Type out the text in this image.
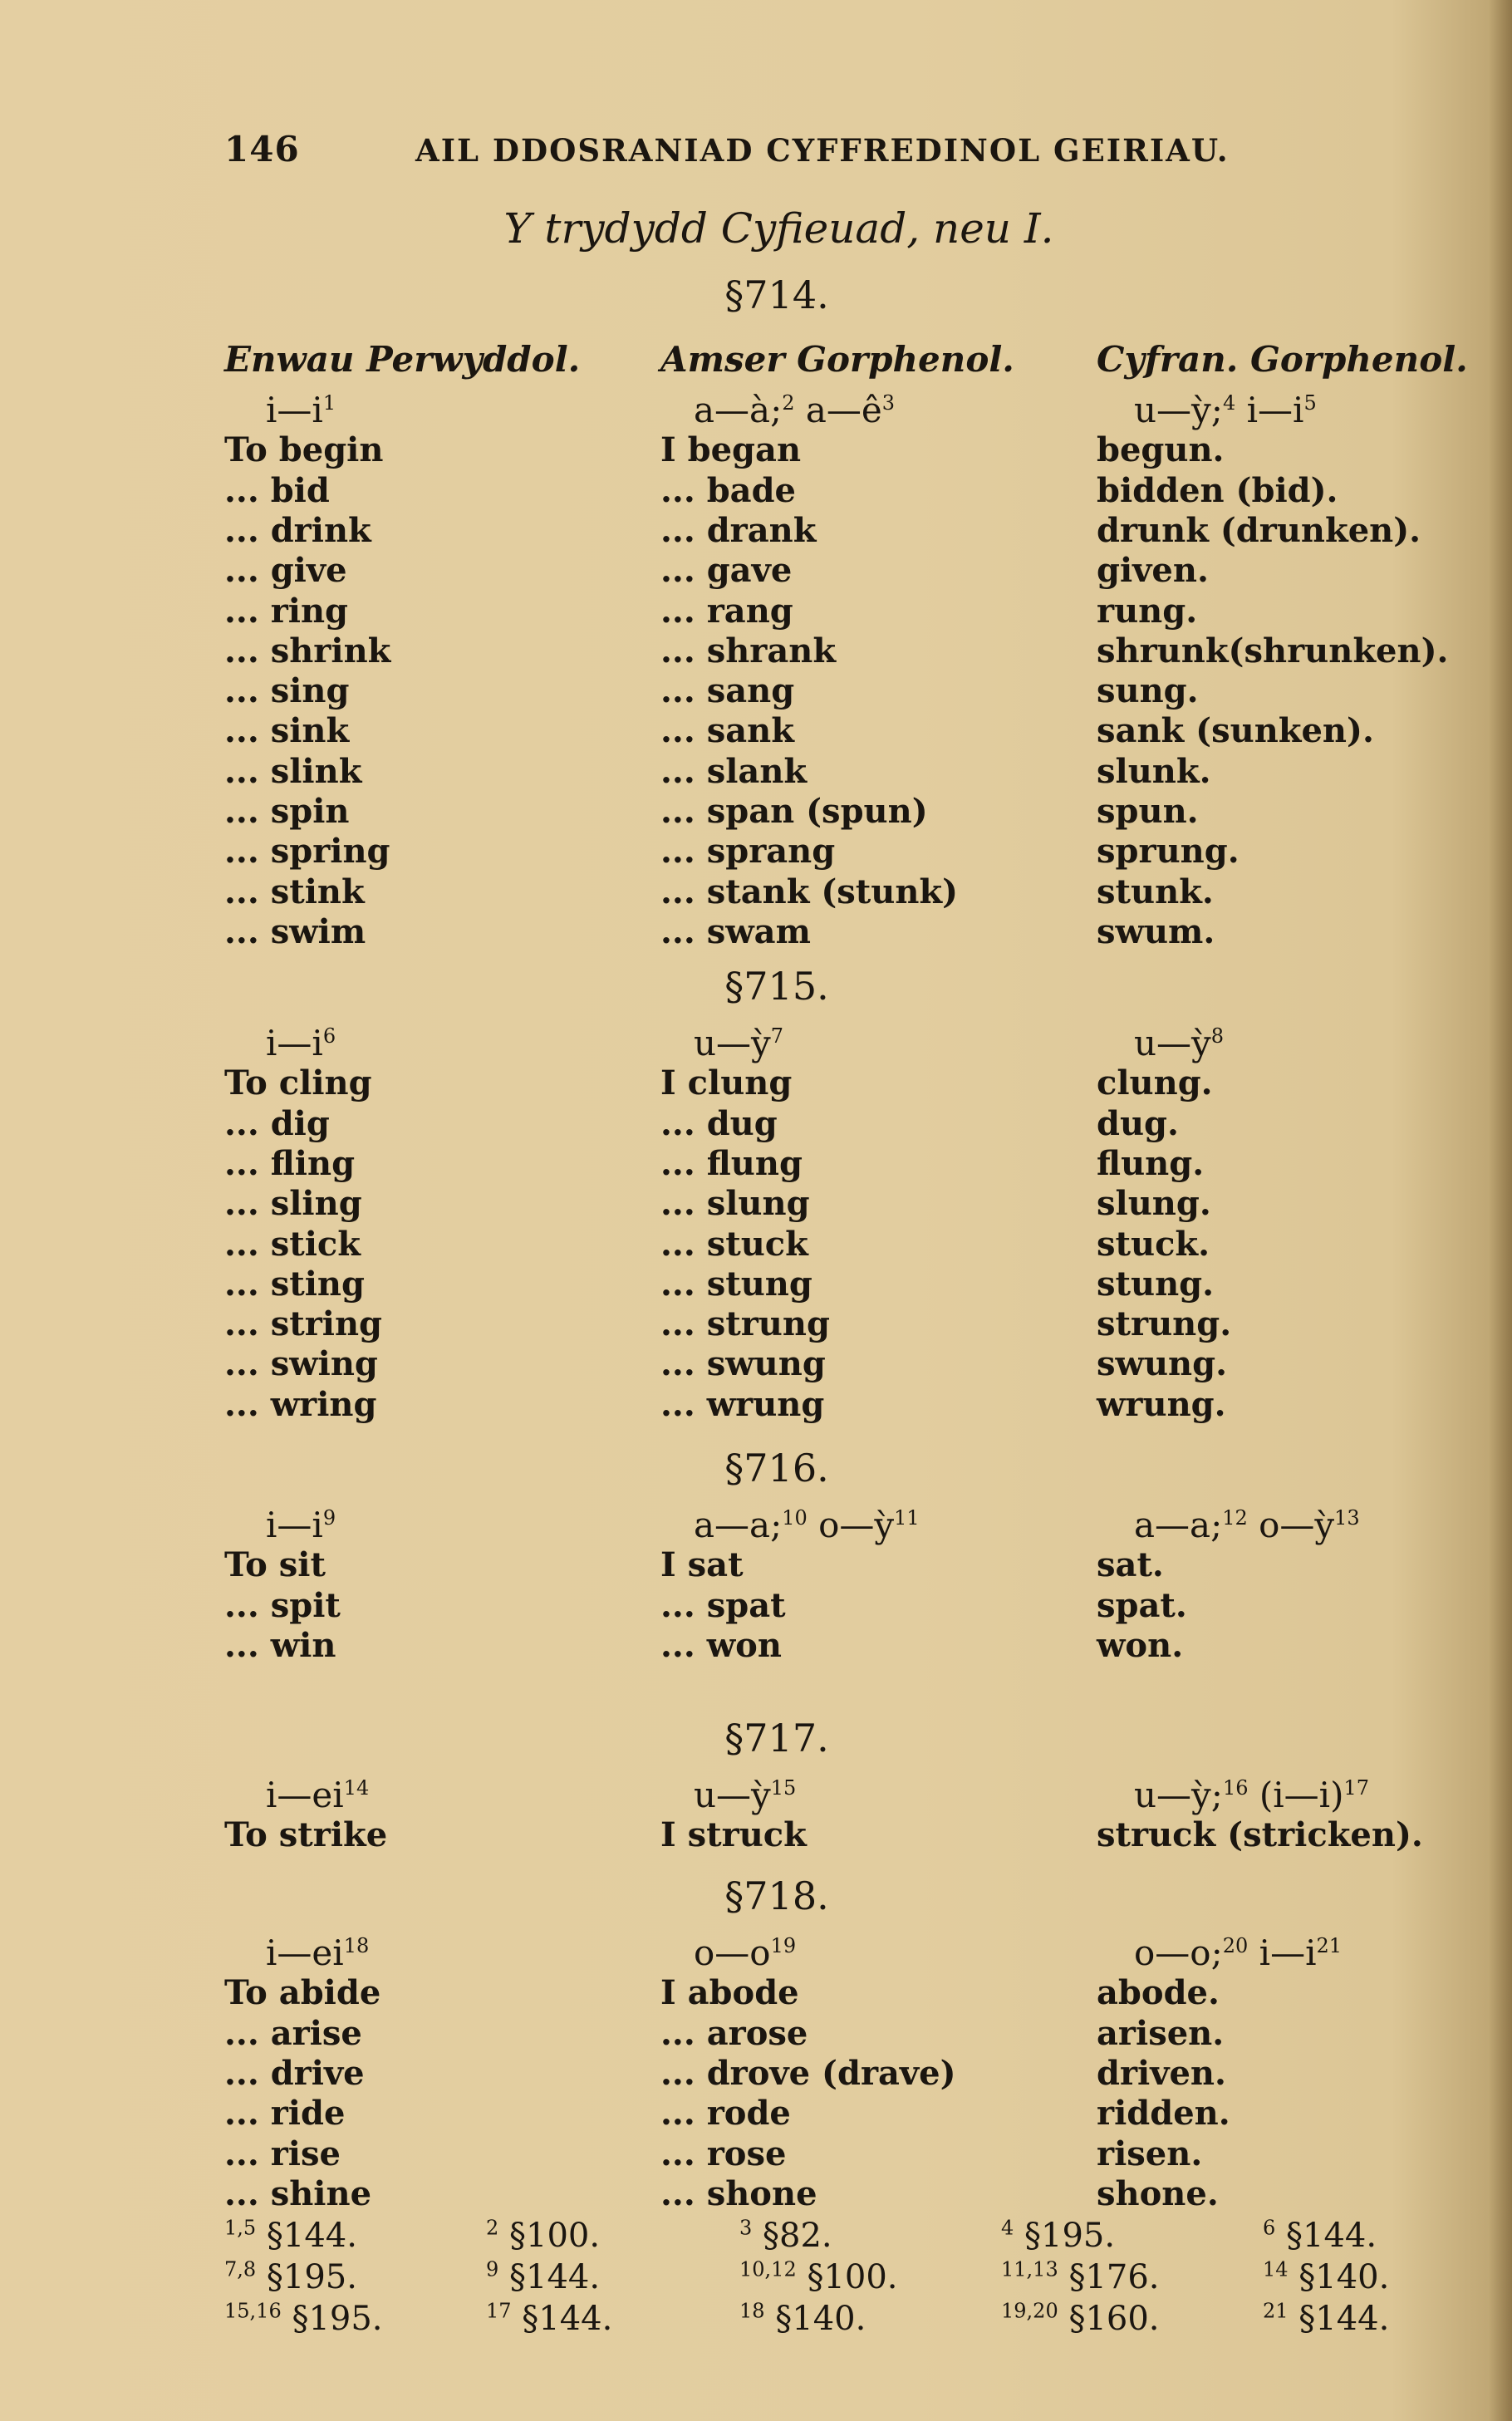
146	AIL DDOSRANIAD CYFFREDINOL GEIRIAU.
Y trydydd Cyfieuad, neu I.
Enwau Perwyddol. Amser Gorphenol. Cyfran. Gorphenol.
§714.
$i—i^1$	a—à;$^2$ $a—ê^3$	u—ỳ;$^4$ $i—i^5$
To begin	I began	begun.
... bid	... bade	bidden (bid).
... drink	... drank	drunk (drunken).
... give	... gave	given.
... ring	... rang	rung.
... shrink	... shrank	shrunk(shrunken).
... sing	... sang	sung.
... sink	... sank	sank (sunken).
... slink	... slank	slunk.
... spin	... span (spun)	spun.
... spring	... sprang	sprung.
... stink	... stank (stunk)	stunk.
... swim	... swam	swum.
§715.
$i—i^6$	u—ỳ$^7$	u—ỳ$^8$
To cling	I clung	clung.
... dig	... dug	dug.
... fling	... flung	flung.
... sling	... slung	slung.
... stick	... stuck	stuck.
... sting	... stung	stung.
... string	... strung	strung.
... swing	... swung	swung.
... wring	... wrung	wrung.
§716.
$i—i^9$	a—a;$^{10}$ o—ỳ$^{11}$	a—a;$^{12}$ o—ỳ$^{13}$
To sit	I sat	sat.
... spit	... spat	spat.
... win	... won	won.
§717.
$i—ei^{14}$	u—ỳ$^{15}$	u—ỳ;$^{16}$ (i—i)$^{17}$
To strike	I struck	struck (stricken).
§718.
$i—ei^{18}$	$o—o^{19}$	o—o;$^{20}$ $i—i^{21}$
To abide	I abode	abode.
... arise	... arose	arisen.
... drive	... drove (drave)	driven.
... ride	... rode	ridden.
... rise	... rose	risen.
... shine	... shone	shone.
$^{1,5}$ §144.	$^2$ §100.	$^3$ §82.	$^4$ §195.	$^6$ §144.
$^{7,8}$ §195.	$^9$ §144.	$^{10,12}$ §100.	$^{11,13}$ §176.	$^{14}$ §140.
$^{15,16}$ §195.	$^{17}$ §144.	$^{18}$ §140.	$^{19,20}$ §160.	$^{21}$ §144.
